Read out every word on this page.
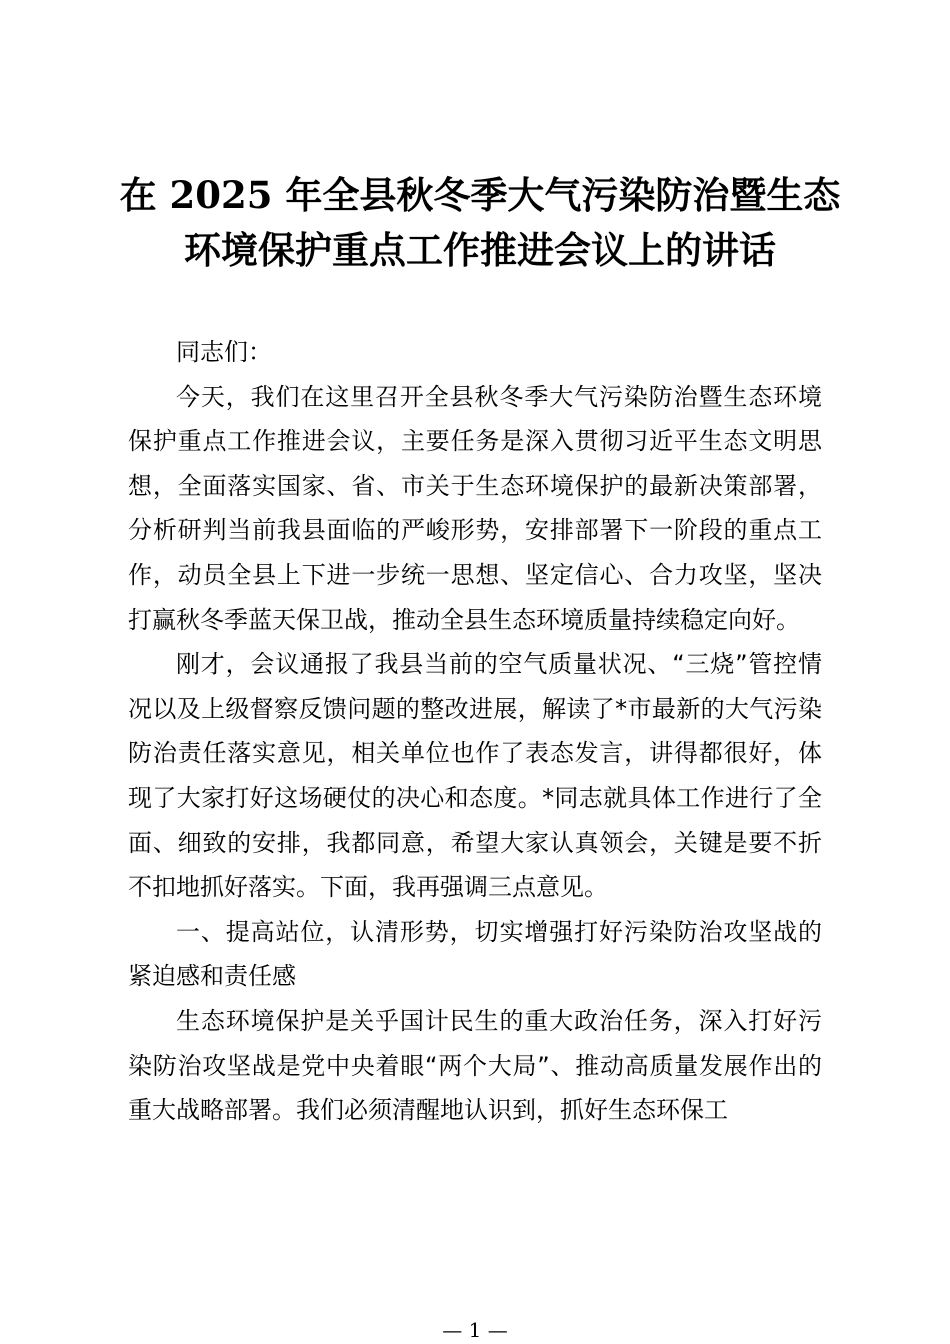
在 2025 年全县秋冬季大气污染防治暨生态环境保护重点工作推进会议上的讲话

同志们：

今天，我们在这里召开全县秋冬季大气污染防治暨生态环境保护重点工作推进会议，主要任务是深入贯彻习近平生态文明思想，全面落实国家、省、市关于生态环境保护的最新决策部署，分析研判当前我县面临的严峻形势，安排部署下一阶段的重点工作，动员全县上下进一步统一思想、坚定信心、合力攻坚，坚决打赢秋冬季蓝天保卫战，推动全县生态环境质量持续稳定向好。

刚才，会议通报了我县当前的空气质量状况、“三烧”管控情况以及上级督察反馈问题的整改进展，解读了*市最新的大气污染防治责任落实意见，相关单位也作了表态发言，讲得都很好，体现了大家打好这场硬仗的决心和态度。*同志就具体工作进行了全面、细致的安排，我都同意，希望大家认真领会，关键是要不折不扣地抓好落实。下面，我再强调三点意见。

一、提高站位，认清形势，切实增强打好污染防治攻坚战的紧迫感和责任感

生态环境保护是关乎国计民生的重大政治任务，深入打好污染防治攻坚战是党中央着眼“两个大局”、推动高质量发展作出的重大战略部署。我们必须清醒地认识到，抓好生态环保工

— 1 —
